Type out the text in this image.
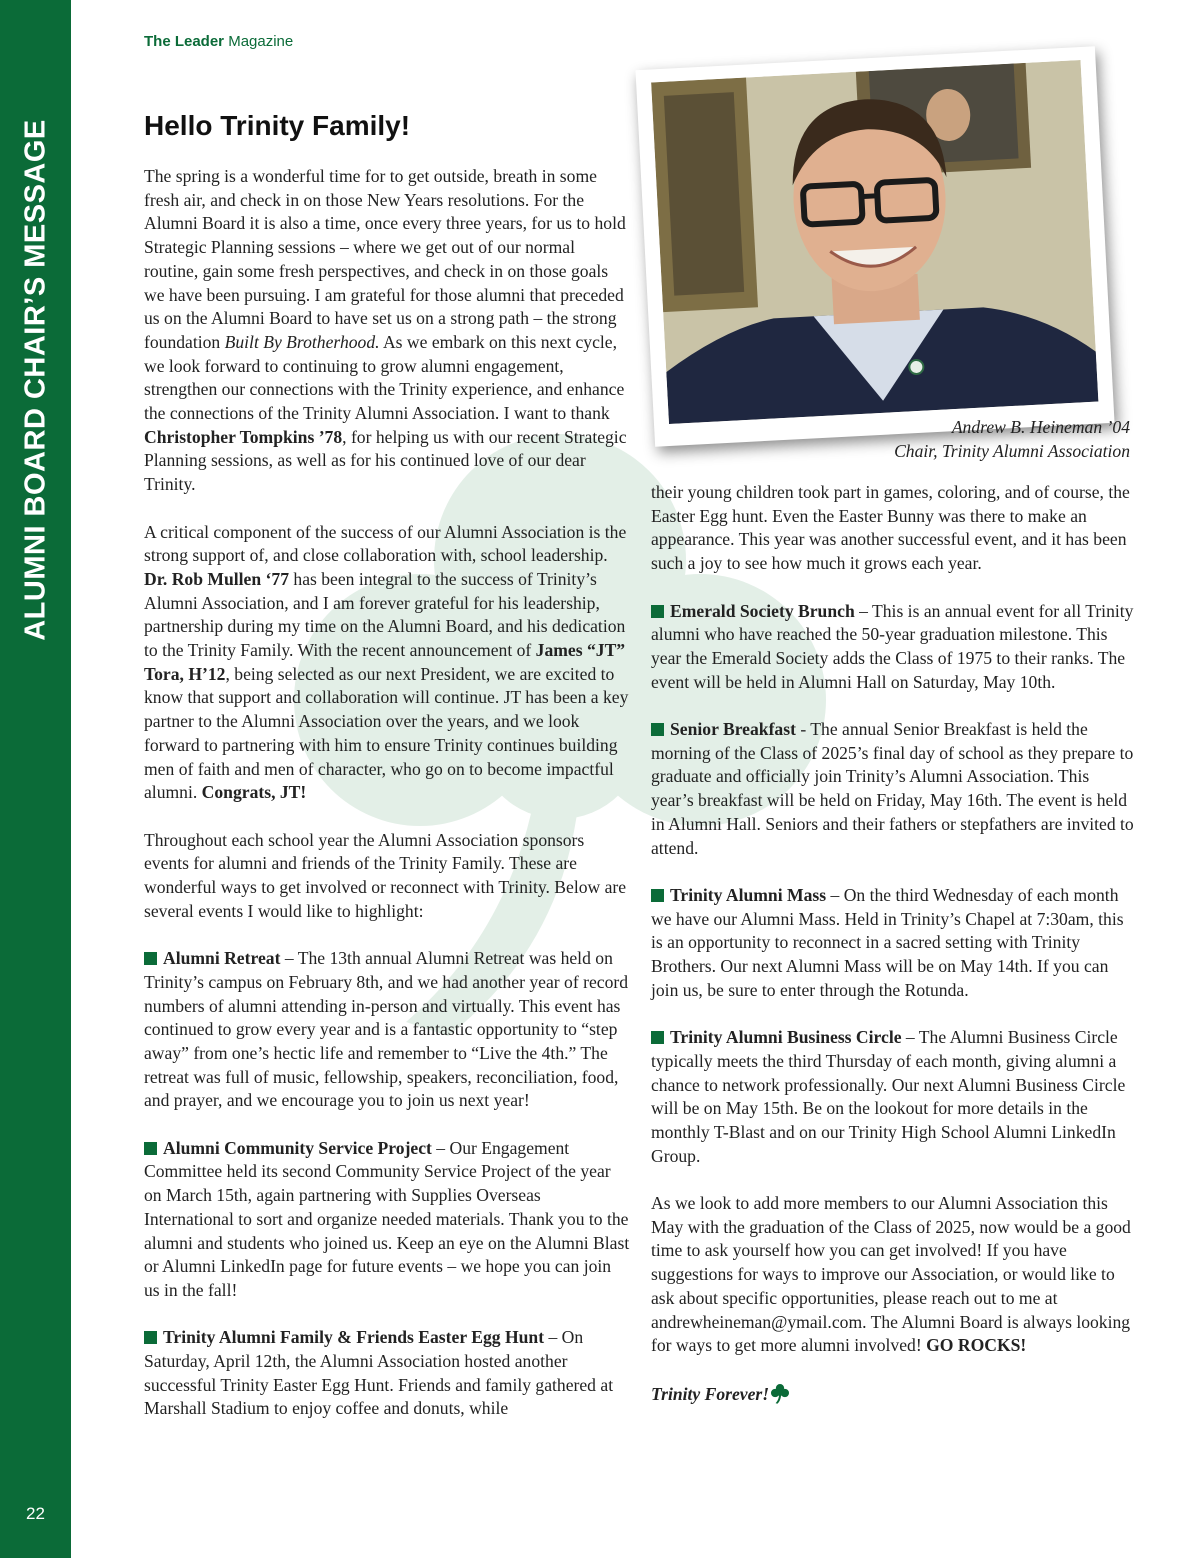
ALUMNI BOARD CHAIR’S MESSAGE
22
The Leader Magazine
Hello Trinity Family!
Andrew B. Heineman ’04
Chair, Trinity Alumni Association

The spring is a wonderful time for to get outside, breath in some fresh air, and check in on those New Years resolutions. For the Alumni Board it is also a time, once every three years, for us to hold Strategic Planning sessions – where we get out of our normal routine, gain some fresh perspectives, and check in on those goals we have been pursuing. I am grateful for those alumni that preceded us on the Alumni Board to have set us on a strong path – the strong foundation Built By Brotherhood. As we embark on this next cycle, we look forward to continuing to grow alumni engagement, strengthen our connections with the Trinity experience, and enhance the connections of the Trinity Alumni Association. I want to thank Christopher Tompkins ’78, for helping us with our recent Strategic Planning sessions, as well as for his continued love of our dear Trinity.

A critical component of the success of our Alumni Association is the strong support of, and close collaboration with, school leadership. Dr. Rob Mullen ‘77 has been integral to the success of Trinity’s Alumni Association, and I am forever grateful for his leadership, partnership during my time on the Alumni Board, and his dedication to the Trinity Family. With the recent announcement of James “JT” Tora, H’12, being selected as our next President, we are excited to know that support and collaboration will continue. JT has been a key partner to the Alumni Association over the years, and we look forward to partnering with him to ensure Trinity continues building men of faith and men of character, who go on to become impactful alumni. Congrats, JT!

Throughout each school year the Alumni Association sponsors events for alumni and friends of the Trinity Family. These are wonderful ways to get involved or reconnect with Trinity. Below are several events I would like to highlight:

Alumni Retreat – The 13th annual Alumni Retreat was held on Trinity’s campus on February 8th, and we had another year of record numbers of alumni attending in-person and virtually. This event has continued to grow every year and is a fantastic opportunity to “step away” from one’s hectic life and remember to “Live the 4th.” The retreat was full of music, fellowship, speakers, reconciliation, food, and prayer, and we encourage you to join us next year!

Alumni Community Service Project – Our Engagement Committee held its second Community Service Project of the year on March 15th, again partnering with Supplies Overseas International to sort and organize needed materials. Thank you to the alumni and students who joined us. Keep an eye on the Alumni Blast or Alumni LinkedIn page for future events – we hope you can join us in the fall!

Trinity Alumni Family & Friends Easter Egg Hunt – On Saturday, April 12th, the Alumni Association hosted another successful Trinity Easter Egg Hunt. Friends and family gathered at Marshall Stadium to enjoy coffee and donuts, while

their young children took part in games, coloring, and of course, the Easter Egg hunt. Even the Easter Bunny was there to make an appearance. This year was another successful event, and it has been such a joy to see how much it grows each year.

Emerald Society Brunch – This is an annual event for all Trinity alumni who have reached the 50-year graduation milestone. This year the Emerald Society adds the Class of 1975 to their ranks. The event will be held in Alumni Hall on Saturday, May 10th.

Senior Breakfast - The annual Senior Breakfast is held the morning of the Class of 2025’s final day of school as they prepare to graduate and officially join Trinity’s Alumni Association. This year’s breakfast will be held on Friday, May 16th. The event is held in Alumni Hall. Seniors and their fathers or stepfathers are invited to attend.

Trinity Alumni Mass – On the third Wednesday of each month we have our Alumni Mass. Held in Trinity’s Chapel at 7:30am, this is an opportunity to reconnect in a sacred setting with Trinity Brothers. Our next Alumni Mass will be on May 14th. If you can join us, be sure to enter through the Rotunda.

Trinity Alumni Business Circle – The Alumni Business Circle typically meets the third Thursday of each month, giving alumni a chance to network professionally. Our next Alumni Business Circle will be on May 15th. Be on the lookout for more details in the monthly T-Blast and on our Trinity High School Alumni LinkedIn Group.

As we look to add more members to our Alumni Association this May with the graduation of the Class of 2025, now would be a good time to ask yourself how you can get involved! If you have suggestions for ways to improve our Association, or would like to ask about specific opportunities, please reach out to me at andrewheineman@ymail.com. The Alumni Board is always looking for ways to get more alumni involved! GO ROCKS!

Trinity Forever!
